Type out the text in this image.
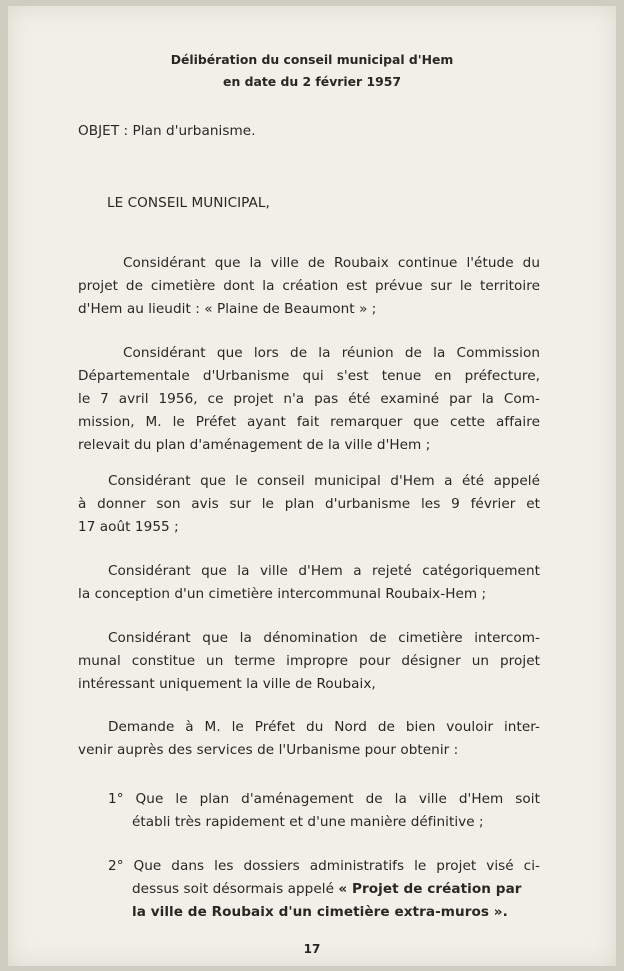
Délibération du conseil municipal d'Hem
en date du 2 février 1957
OBJET : Plan d'urbanisme.
LE CONSEIL MUNICIPAL,
Considérant que la ville de Roubaix continue l'étude du
projet de cimetière dont la création est prévue sur le territoire
d'Hem au lieudit : « Plaine de Beaumont » ;
Considérant que lors de la réunion de la Commission
Départementale d'Urbanisme qui s'est tenue en préfecture,
le 7 avril 1956, ce projet n'a pas été examiné par la Com-
mission, M. le Préfet ayant fait remarquer que cette affaire
relevait du plan d'aménagement de la ville d'Hem ;
Considérant que le conseil municipal d'Hem a été appelé
à donner son avis sur le plan d'urbanisme les 9 février et
17 août 1955 ;
Considérant que la ville d'Hem a rejeté catégoriquement
la conception d'un cimetière intercommunal Roubaix-Hem ;
Considérant que la dénomination de cimetière intercom-
munal constitue un terme impropre pour désigner un projet
intéressant uniquement la ville de Roubaix,
Demande à M. le Préfet du Nord de bien vouloir inter-
venir auprès des services de l'Urbanisme pour obtenir :
1° Que le plan d'aménagement de la ville d'Hem soit
établi très rapidement et d'une manière définitive ;
2° Que dans les dossiers administratifs le projet visé ci-
dessus soit désormais appelé « Projet de création par
la ville de Roubaix d'un cimetière extra-muros ».
17
